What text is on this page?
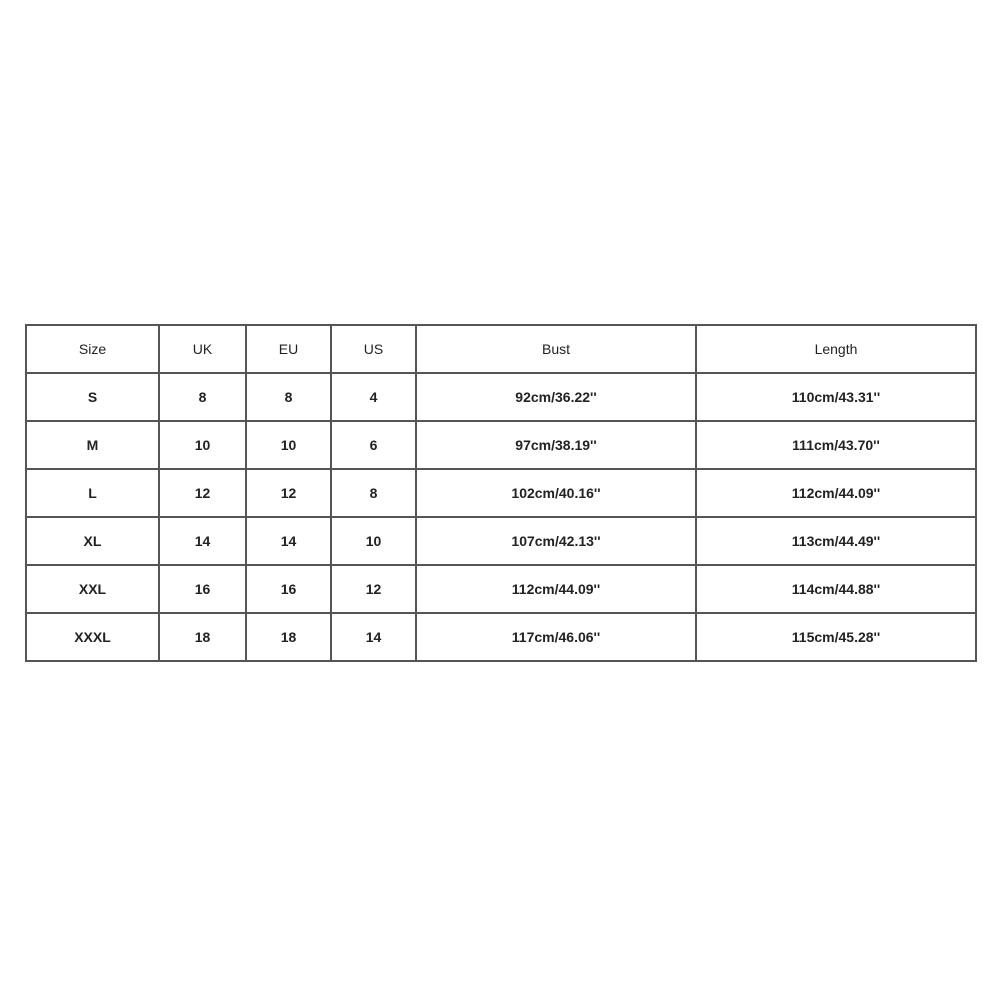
Size	UK	EU	US	Bust	Length
S	8	8	4	92cm/36.22''	110cm/43.31''
M	10	10	6	97cm/38.19''	111cm/43.70''
L	12	12	8	102cm/40.16''	112cm/44.09''
XL	14	14	10	107cm/42.13''	113cm/44.49''
XXL	16	16	12	112cm/44.09''	114cm/44.88''
XXXL	18	18	14	117cm/46.06''	115cm/45.28''
